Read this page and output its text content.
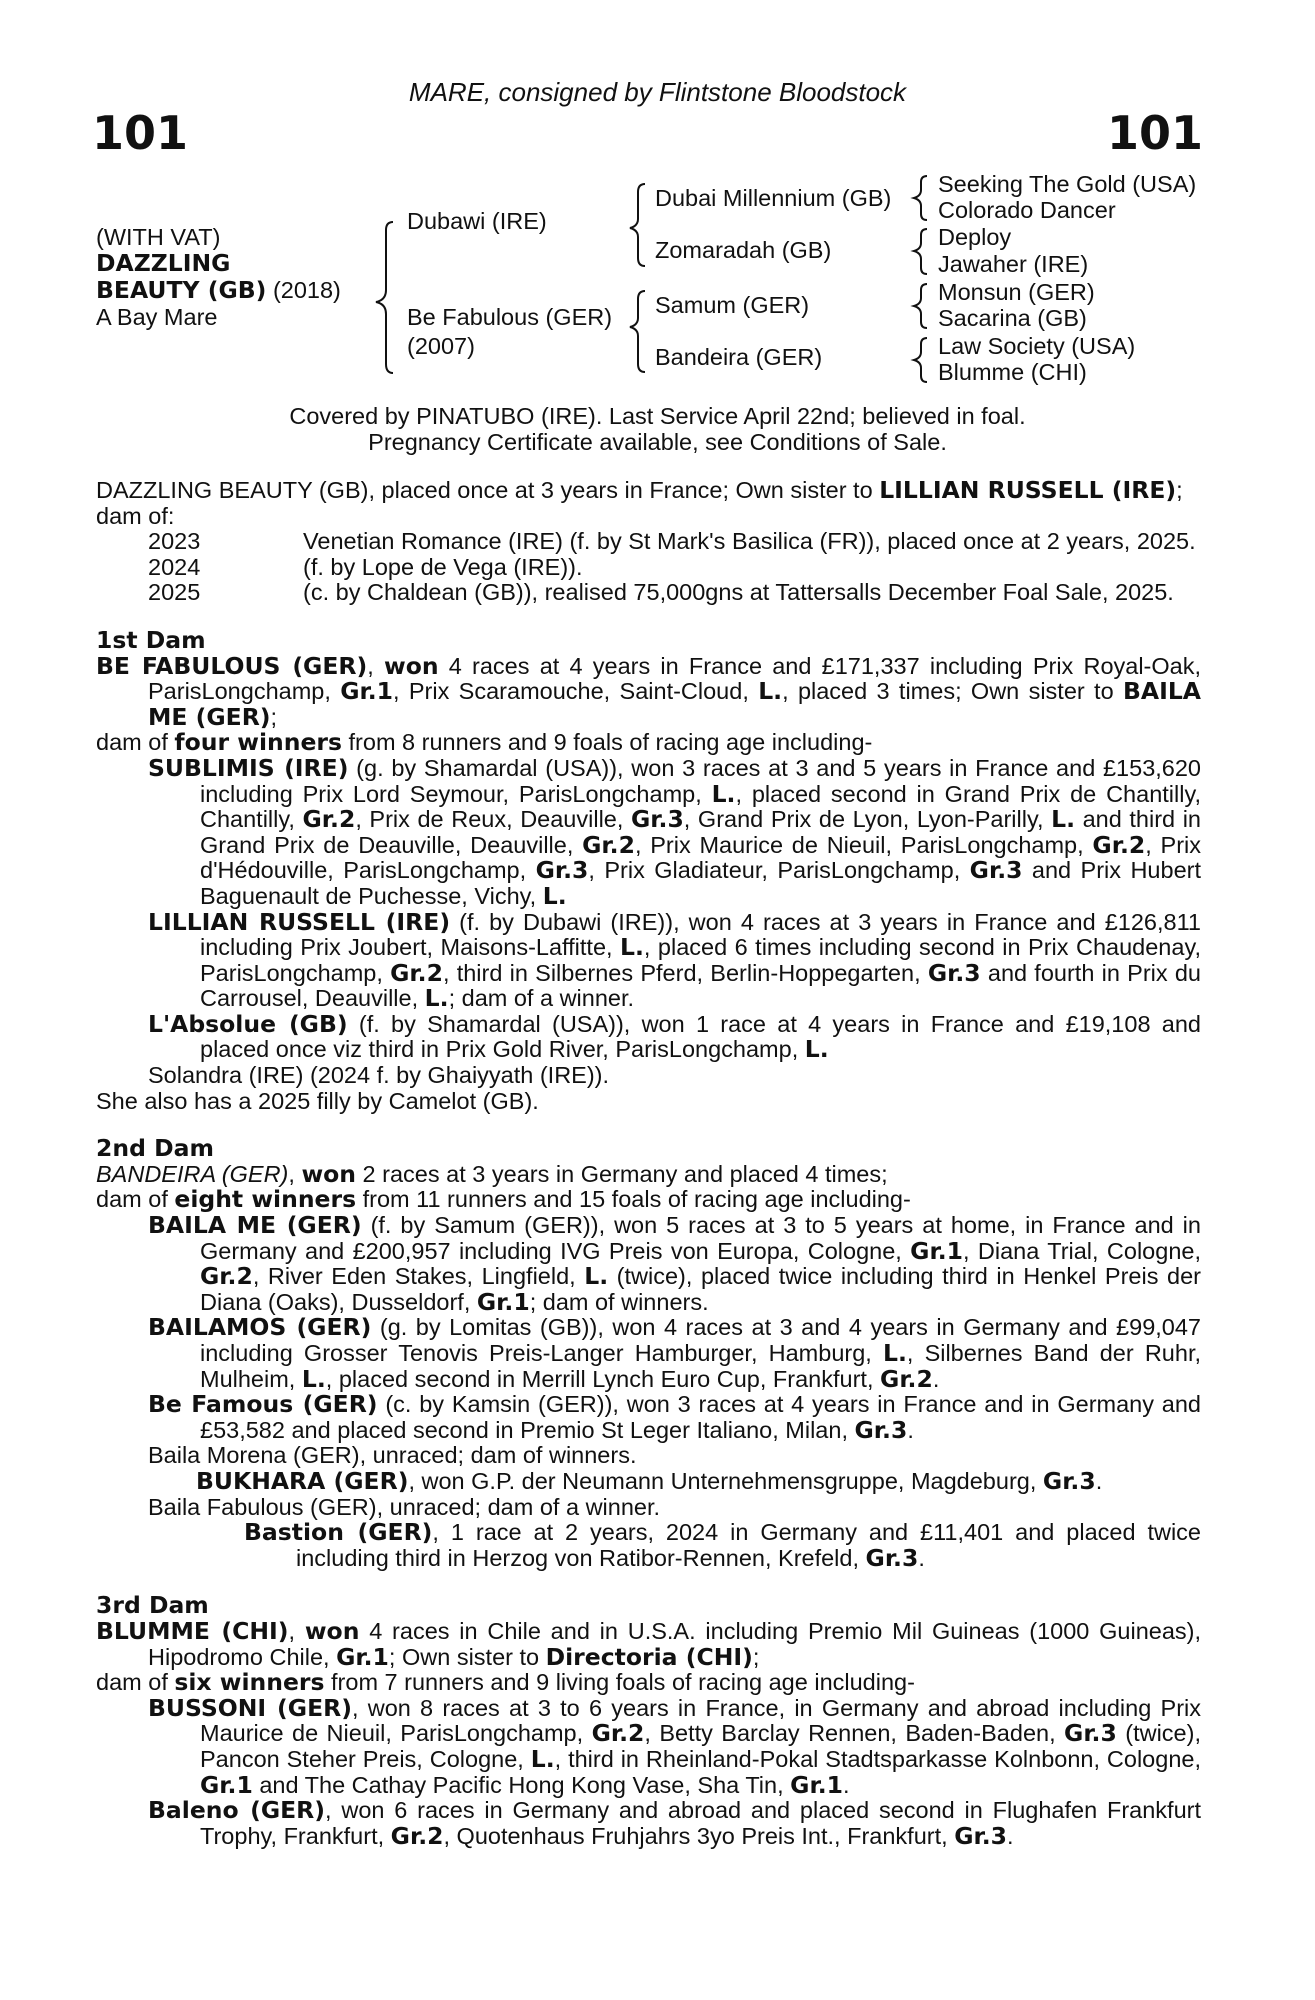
MARE, consigned by Flintstone Bloodstock
101	101
(WITH VAT)
DAZZLING
BEAUTY (GB) (2018)
A Bay Mare
Dubawi (IRE)
Be Fabulous (GER)
(2007)
Dubai Millennium (GB)
Zomaradah (GB)
Samum (GER)
Bandeira (GER)
Seeking The Gold (USA)
Colorado Dancer
Deploy
Jawaher (IRE)
Monsun (GER)
Sacarina (GB)
Law Society (USA)
Blumme (CHI)
Covered by PINATUBO (IRE). Last Service April 22nd; believed in foal.
Pregnancy Certificate available, see Conditions of Sale.

DAZZLING BEAUTY (GB), placed once at 3 years in France; Own sister to LILLIAN RUSSELL (IRE);

dam of:

2023	Venetian Romance (IRE) (f. by St Mark's Basilica (FR)), placed once at 2 years, 2025.
2024	(f. by Lope de Vega (IRE)).
2025	(c. by Chaldean (GB)), realised 75,000gns at Tattersalls December Foal Sale, 2025.

1st Dam

BE FABULOUS (GER), won 4 races at 4 years in France and £171,337 including Prix Royal-Oak, ParisLongchamp, Gr.1, Prix Scaramouche, Saint-Cloud, L., placed 3 times; Own sister to BAILA ME (GER);

dam of four winners from 8 runners and 9 foals of racing age including-

SUBLIMIS (IRE) (g. by Shamardal (USA)), won 3 races at 3 and 5 years in France and £153,620 including Prix Lord Seymour, ParisLongchamp, L., placed second in Grand Prix de Chantilly, Chantilly, Gr.2, Prix de Reux, Deauville, Gr.3, Grand Prix de Lyon, Lyon-Parilly, L. and third in Grand Prix de Deauville, Deauville, Gr.2, Prix Maurice de Nieuil, ParisLongchamp, Gr.2, Prix d'Hédouville, ParisLongchamp, Gr.3, Prix Gladiateur, ParisLongchamp, Gr.3 and Prix Hubert Baguenault de Puchesse, Vichy, L.

LILLIAN RUSSELL (IRE) (f. by Dubawi (IRE)), won 4 races at 3 years in France and £126,811 including Prix Joubert, Maisons-Laffitte, L., placed 6 times including second in Prix Chaudenay, ParisLongchamp, Gr.2, third in Silbernes Pferd, Berlin-Hoppegarten, Gr.3 and fourth in Prix du Carrousel, Deauville, L.; dam of a winner.

L'Absolue (GB) (f. by Shamardal (USA)), won 1 race at 4 years in France and £19,108 and placed once viz third in Prix Gold River, ParisLongchamp, L.

Solandra (IRE) (2024 f. by Ghaiyyath (IRE)).

She also has a 2025 filly by Camelot (GB).

2nd Dam

BANDEIRA (GER), won 2 races at 3 years in Germany and placed 4 times;

dam of eight winners from 11 runners and 15 foals of racing age including-

BAILA ME (GER) (f. by Samum (GER)), won 5 races at 3 to 5 years at home, in France and in Germany and £200,957 including IVG Preis von Europa, Cologne, Gr.1, Diana Trial, Cologne, Gr.2, River Eden Stakes, Lingfield, L. (twice), placed twice including third in Henkel Preis der Diana (Oaks), Dusseldorf, Gr.1; dam of winners.

BAILAMOS (GER) (g. by Lomitas (GB)), won 4 races at 3 and 4 years in Germany and £99,047 including Grosser Tenovis Preis-Langer Hamburger, Hamburg, L., Silbernes Band der Ruhr, Mulheim, L., placed second in Merrill Lynch Euro Cup, Frankfurt, Gr.2.

Be Famous (GER) (c. by Kamsin (GER)), won 3 races at 4 years in France and in Germany and £53,582 and placed second in Premio St Leger Italiano, Milan, Gr.3.

Baila Morena (GER), unraced; dam of winners.

BUKHARA (GER), won G.P. der Neumann Unternehmensgruppe, Magdeburg, Gr.3.

Baila Fabulous (GER), unraced; dam of a winner.

Bastion (GER), 1 race at 2 years, 2024 in Germany and £11,401 and placed twice including third in Herzog von Ratibor-Rennen, Krefeld, Gr.3.

3rd Dam

BLUMME (CHI), won 4 races in Chile and in U.S.A. including Premio Mil Guineas (1000 Guineas), Hipodromo Chile, Gr.1; Own sister to Directoria (CHI);

dam of six winners from 7 runners and 9 living foals of racing age including-

BUSSONI (GER), won 8 races at 3 to 6 years in France, in Germany and abroad including Prix Maurice de Nieuil, ParisLongchamp, Gr.2, Betty Barclay Rennen, Baden-Baden, Gr.3 (twice), Pancon Steher Preis, Cologne, L., third in Rheinland-Pokal Stadtsparkasse Kolnbonn, Cologne, Gr.1 and The Cathay Pacific Hong Kong Vase, Sha Tin, Gr.1.

Baleno (GER), won 6 races in Germany and abroad and placed second in Flughafen Frankfurt Trophy, Frankfurt, Gr.2, Quotenhaus Fruhjahrs 3yo Preis Int., Frankfurt, Gr.3.
